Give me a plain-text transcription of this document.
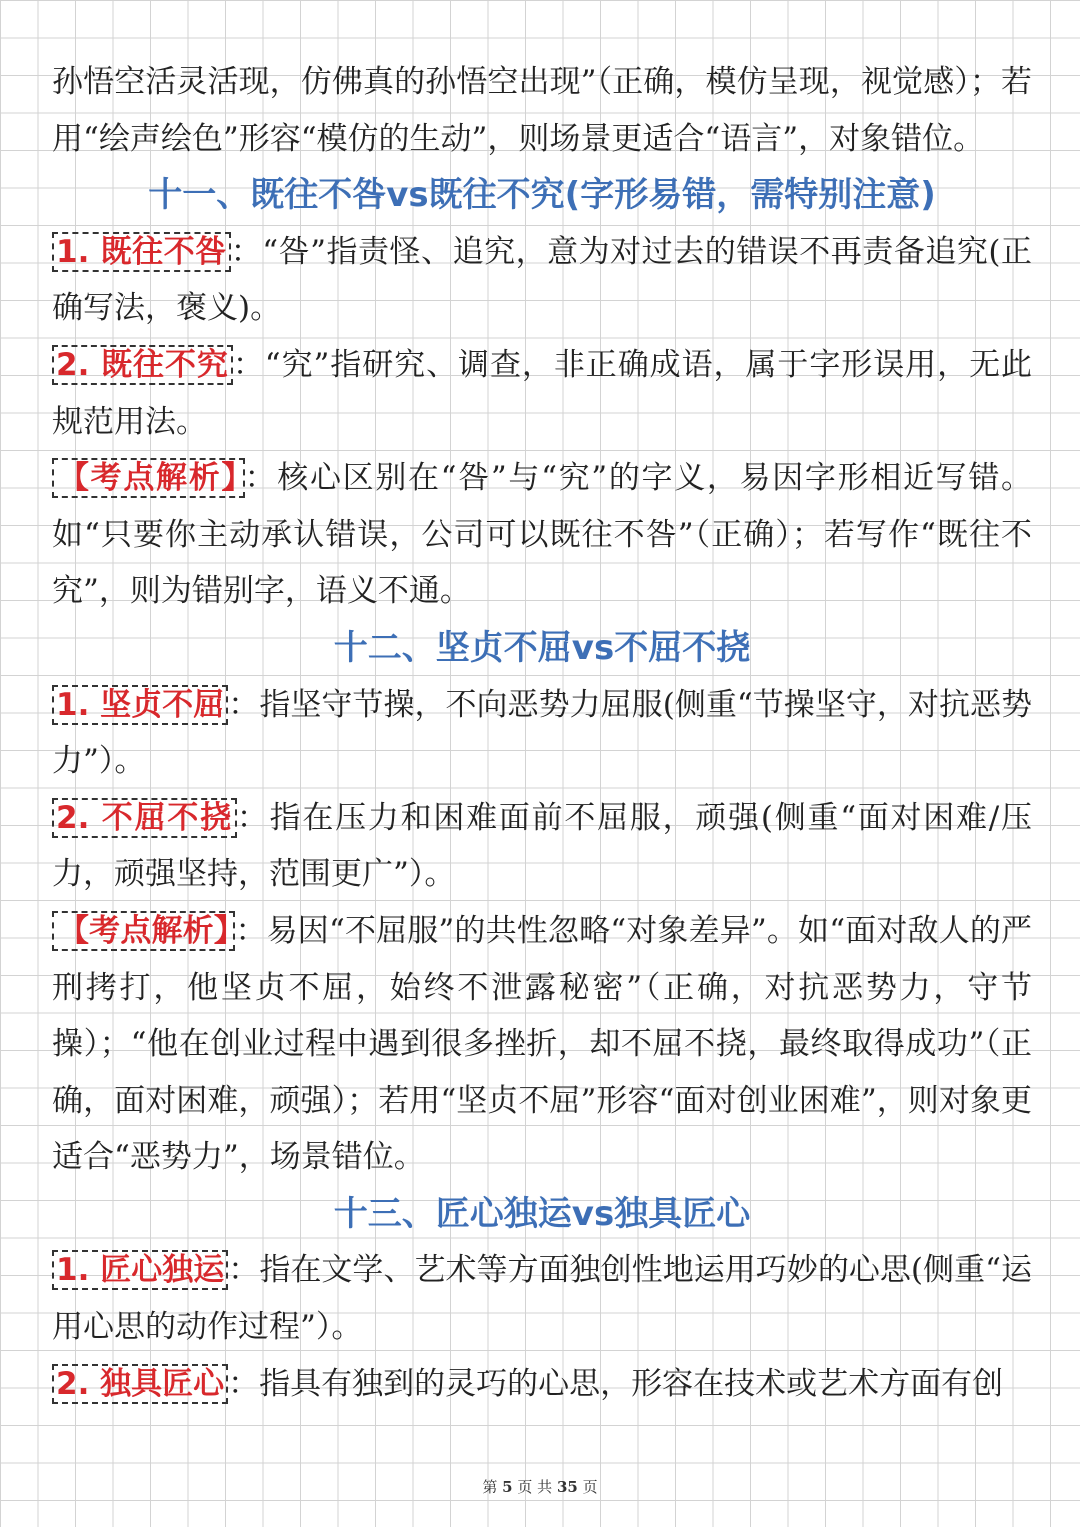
孙悟空活灵活现，仿佛真的孙悟空出现”（正确，模仿呈现，视觉感）；若用“绘声绘色”形容“模仿的生动”，则场景更适合“语言”，对象错位。

十一、既往不咎vs既往不究(字形易错，需特别注意)

1. 既往不咎 ：“咎”指责怪、追究，意为对过去的错误不再责备追究(正确写法，褒义)。

2. 既往不究 ：“究”指研究、调查，非正确成语，属于字形误用，无此规范用法。

【考点解析】 ：核心区别在“咎”与“究”的字义，易因字形相近写错。如“只要你主动承认错误，公司可以既往不咎”（正确）；若写作“既往不究”，则为错别字，语义不通。

十二、坚贞不屈vs不屈不挠

1. 坚贞不屈 ：指坚守节操，不向恶势力屈服(侧重“节操坚守，对抗恶势力”）。

2. 不屈不挠 ：指在压力和困难面前不屈服，顽强(侧重“面对困难/压力，顽强坚持，范围更广”）。

【考点解析】 ：易因“不屈服”的共性忽略“对象差异”。如“面对敌人的严刑拷打，他坚贞不屈，始终不泄露秘密”（正确，对抗恶势力，守节操）；“他在创业过程中遇到很多挫折，却不屈不挠，最终取得成功”（正确，面对困难，顽强）；若用“坚贞不屈”形容“面对创业困难”，则对象更适合“恶势力”，场景错位。

十三、匠心独运vs独具匠心

1. 匠心独运 ：指在文学、艺术等方面独创性地运用巧妙的心思(侧重“运用心思的动作过程”）。

2. 独具匠心 ：指具有独到的灵巧的心思，形容在技术或艺术方面有创

第 5 页 共 35 页
